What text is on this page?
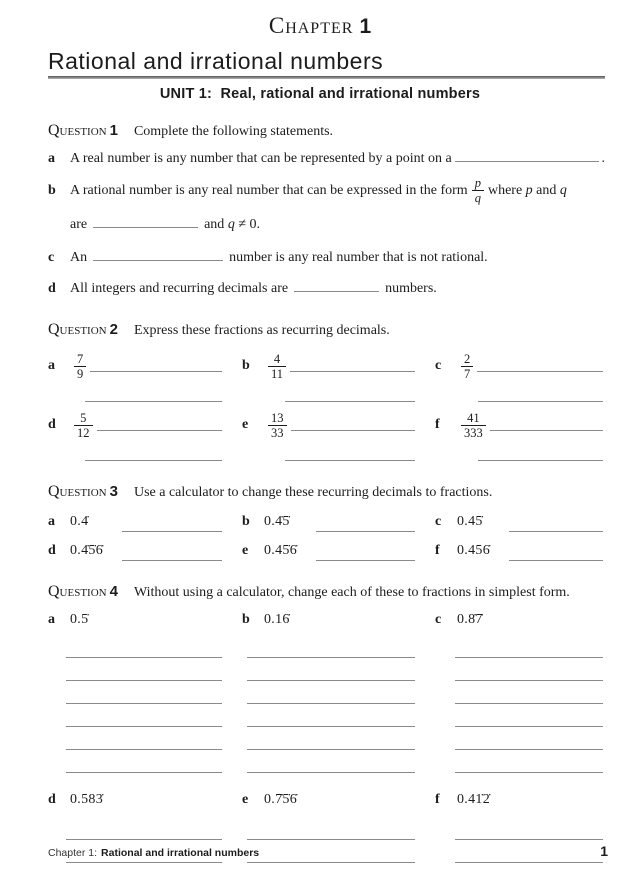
Chapter 1
Rational and irrational numbers
UNIT 1:  Real, rational and irrational numbers
Question 1 Complete the following statements.
a	A real number is any number that can be represented by a point on a	.
b	A rational number is any real number that can be expressed in the form $\frac{p}{q}$ where
p
and
q
are	and
q
≠ 0.
c	An	number is any real number that is not rational.
d	All integers and recurring decimals are	numbers.
Question 2 Express these fractions as recurring decimals.
a	$\frac{7}{9}$	b	$\frac{4}{11}$	c	$\frac{2}{7}$
d	$\frac{5}{12}$	e	$\frac{13}{33}$	f	$\frac{41}{333}$
Question 3 Use a calculator to change these recurring decimals to fractions.
a	0.4̇	b	0.4̇5̇	c	0.45̇
d	0.4̇5̇6̇	e	0.45̇6̇	f	0.456̇
Question 4 Without using a calculator, change each of these to fractions in simplest form.
a	0.5̇	b	0.16̇	c	0.8̇7̇
d	0.583̇	e	0.7̇5̇6̇	f	0.41̇2̇
Chapter 1: Rational and irrational numbers	1
